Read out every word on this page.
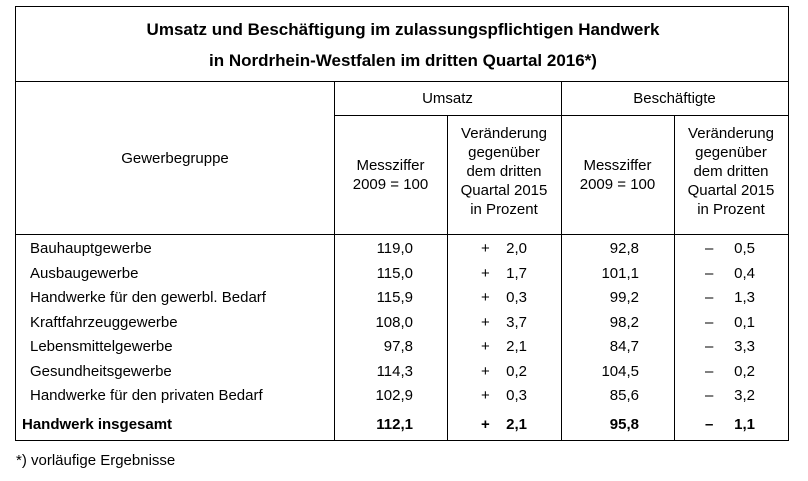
Umsatz und Beschäftigung im zulassungspflichtigen Handwerk
in Nordrhein-Westfalen im dritten Quartal 2016*)
Gewerbegruppe
Umsatz	Beschäftigte
Messziffer
2009 = 100
Veränderung
gegenüber
dem dritten
Quartal 2015
in Prozent
Messziffer
2009 = 100
Veränderung
gegenüber
dem dritten
Quartal 2015
in Prozent
Bauhauptgewerbe	119,0	+	2,0	92,8	–	0,5
Ausbaugewerbe	115,0	+	1,7	101,1	–	0,4
Handwerke für den gewerbl. Bedarf	115,9	+	0,3	99,2	–	1,3
Kraftfahrzeuggewerbe	108,0	+	3,7	98,2	–	0,1
Lebensmittelgewerbe	97,8	+	2,1	84,7	–	3,3
Gesundheitsgewerbe	114,3	+	0,2	104,5	–	0,2
Handwerke für den privaten Bedarf	102,9	+	0,3	85,6	–	3,2
Handwerk insgesamt	112,1	+	2,1	95,8	–	1,1
*) vorläufige Ergebnisse
